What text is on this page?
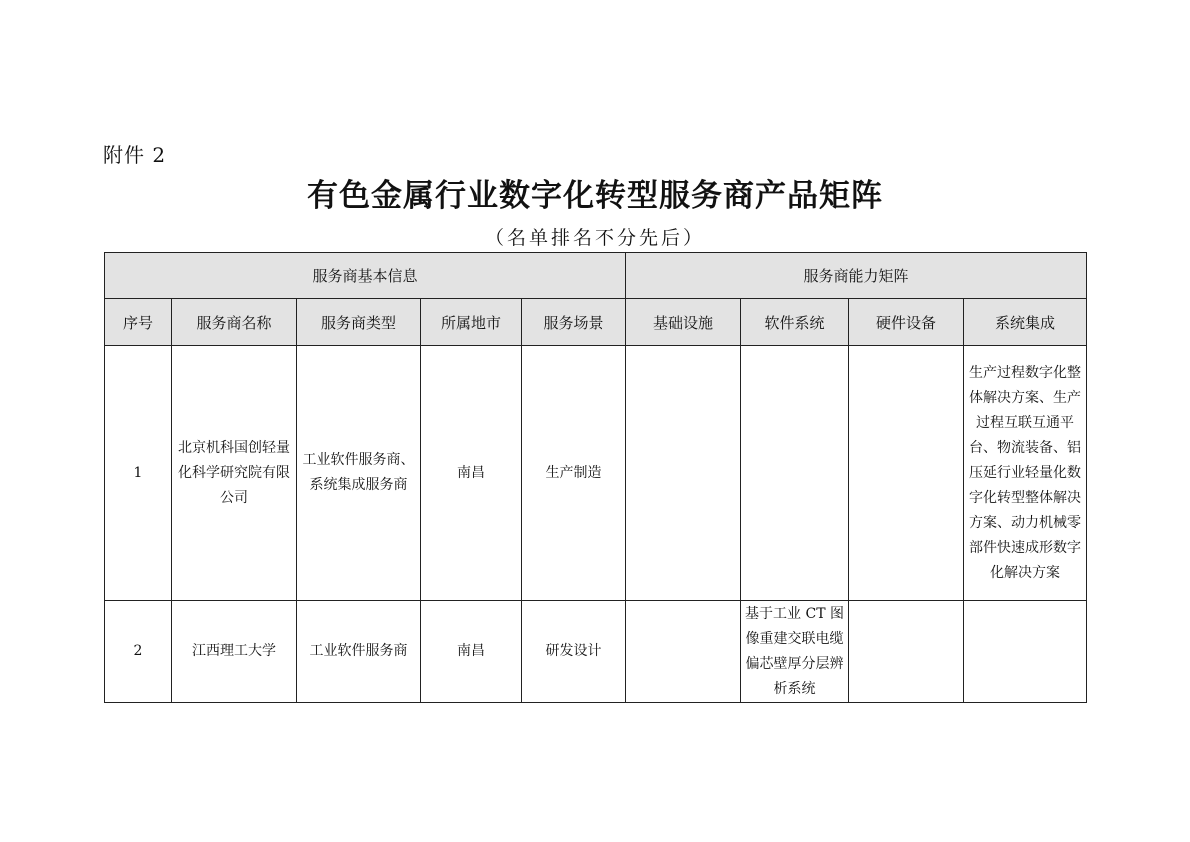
附件 2
有色金属行业数字化转型服务商产品矩阵
（名单排名不分先后）
服务商基本信息					服务商能力矩阵			
序号	服务商名称	服务商类型	所属地市	服务场景	基础设施	软件系统	硬件设备	系统集成
1	北京机科国创轻量化科学研究院有限公司	工业软件服务商、系统集成服务商	南昌	生产制造				生产过程数字化整体解决方案、生产过程互联互通平台、物流装备、铝压延行业轻量化数字化转型整体解决方案、动力机械零部件快速成形数字化解决方案
2	江西理工大学	工业软件服务商	南昌	研发设计		基于工业 CT 图像重建交联电缆偏芯壁厚分层辨析系统		
